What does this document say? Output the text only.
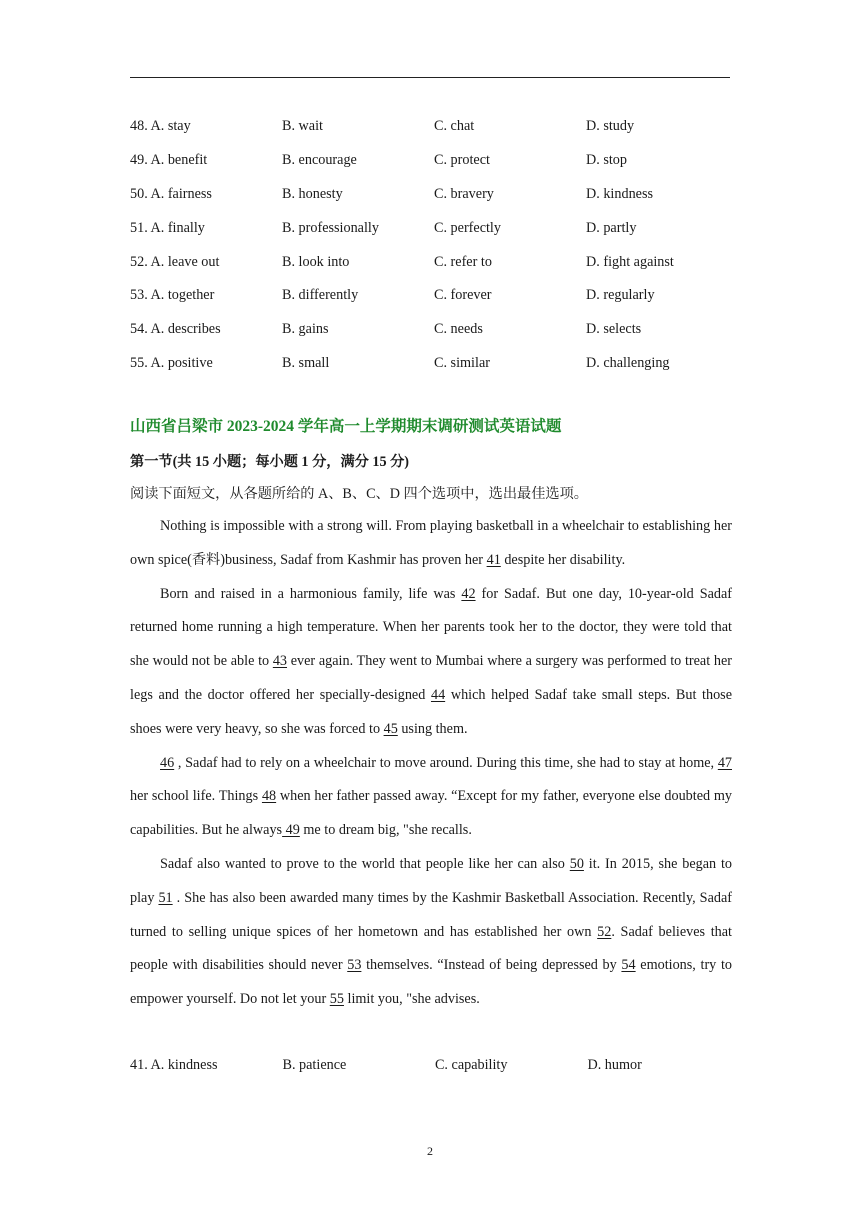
48. A. stay	B. wait	C. chat	D. study
49. A. benefit	B. encourage	C. protect	D. stop
50. A. fairness	B. honesty	C. bravery	D. kindness
51. A. finally	B. professionally	C. perfectly	D. partly
52. A. leave out	B. look into	C. refer to	D. fight against
53. A. together	B. differently	C. forever	D. regularly
54. A. describes	B. gains	C. needs	D. selects
55. A. positive	B. small	C. similar	D. challenging
山西省吕梁市 2023-2024 学年高一上学期期末调研测试英语试题
第一节(共 15 小题；每小题 1 分，满分 15 分)
阅读下面短文，从各题所给的 A、B、C、D 四个选项中，选出最佳选项。

Nothing is impossible with a strong will. From playing basketball in a wheelchair to establishing her own spice(香料)business, Sadaf from Kashmir has proven her 41 despite her disability.

Born and raised in a harmonious family, life was 42 for Sadaf. But one day, 10-year-old Sadaf returned home running a high temperature. When her parents took her to the doctor, they were told that she would not be able to 43 ever again. They went to Mumbai where a surgery was performed to treat her legs and the doctor offered her specially-designed 44 which helped Sadaf take small steps. But those shoes were very heavy, so she was forced to 45 using them.

46 , Sadaf had to rely on a wheelchair to move around. During this time, she had to stay at home, 47 her school life. Things 48 when her father passed away. “Except for my father, everyone else doubted my capabilities. But he always 49 me to dream big, "she recalls.

Sadaf also wanted to prove to the world that people like her can also 50 it. In 2015, she began to play 51 . She has also been awarded many times by the Kashmir Basketball Association. Recently, Sadaf turned to selling unique spices of her hometown and has established her own 52. Sadaf believes that people with disabilities should never 53 themselves. “Instead of being depressed by 54 emotions, try to empower yourself. Do not let your 55 limit you, "she advises.

41. A. kindness	B. patience	C. capability	D. humor
2
